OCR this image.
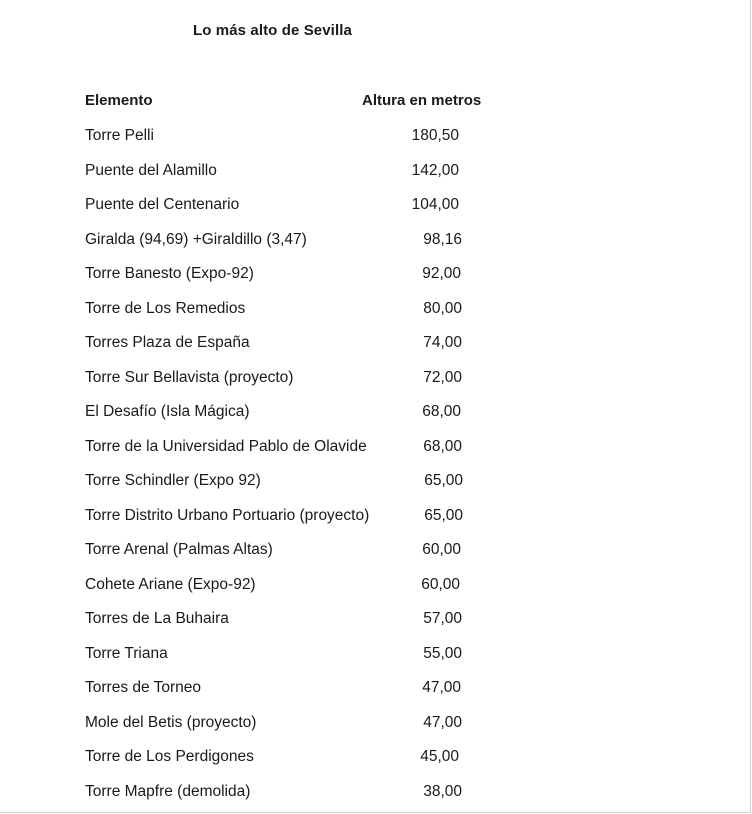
Lo más alto de Sevilla
Elemento	Altura en metros
Torre Pelli	180,50
Puente del Alamillo	142,00
Puente del Centenario	104,00
Giralda (94,69) +Giraldillo (3,47)	98,16
Torre Banesto (Expo-92)	92,00
Torre de Los Remedios	80,00
Torres Plaza de España	74,00
Torre Sur Bellavista (proyecto)	72,00
El Desafío (Isla Mágica)	68,00
Torre de la Universidad Pablo de Olavide	68,00
Torre Schindler (Expo 92)	65,00
Torre Distrito Urbano Portuario (proyecto)	65,00
Torre Arenal (Palmas Altas)	60,00
Cohete Ariane (Expo-92)	60,00
Torres de La Buhaira	57,00
Torre Triana	55,00
Torres de Torneo	47,00
Mole del Betis (proyecto)	47,00
Torre de Los Perdigones	45,00
Torre Mapfre (demolida)	38,00
